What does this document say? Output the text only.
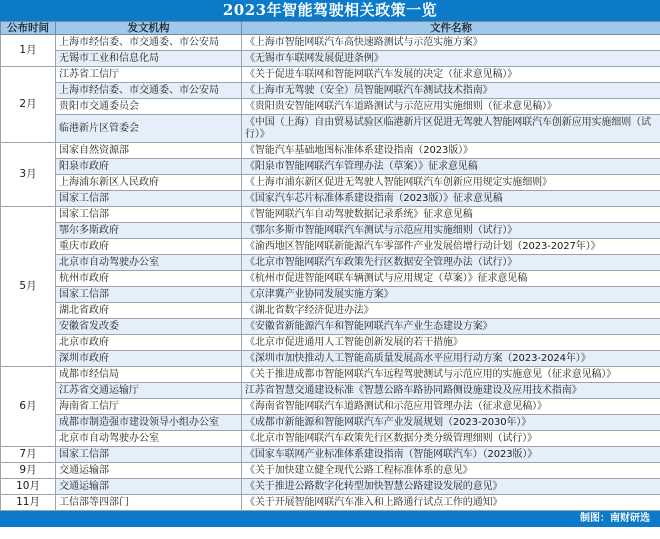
2023年智能驾驶相关政策一览
公布时间	发文机构	文件名称
1月	上海市经信委、市交通委、市公安局	《上海市智能网联汽车高快速路测试与示范实施方案》
	无锡市工业和信息化局	《无锡市车联网发展促进条例》
2月	江苏省工信厅	《关于促进车联网和智能网联汽车发展的决定（征求意见稿）》
	上海市经信委、市交通委、市公安局	《上海市无驾驶（安全）员智能网联汽车测试技术指南》
	贵阳市交通委员会	《贵阳贵安智能网联汽车道路测试与示范应用实施细则（征求意见稿）》
	临港新片区管委会	《中国（上海）自由贸易试验区临港新片区促进无驾驶人智能网联汽车创新应用实施细则（试行）》
3月	国家自然资源部	《智能汽车基础地图标准体系建设指南（2023版）》
	阳泉市政府	《阳泉市智能网联汽车管理办法（草案）》征求意见稿
	上海浦东新区人民政府	《上海市浦东新区促进无驾驶人智能网联汽车创新应用规定实施细则》
	国家工信部	《国家汽车芯片标准体系建设指南（2023版）》征求意见稿
5月	国家工信部	《智能网联汽车自动驾驶数据记录系统》征求意见稿
	鄂尔多斯政府	《鄂尔多斯市智能网联汽车测试与示范应用实施细则（试行）》
	重庆市政府	《渝西地区智能网联新能源汽车零部件产业发展倍增行动计划（2023-2027年）》
	北京市自动驾驶办公室	《北京市智能网联汽车政策先行区数据安全管理办法（试行）》
	杭州市政府	《杭州市促进智能网联车辆测试与应用规定（草案）》征求意见稿
	国家工信部	《京津冀产业协同发展实施方案》
	湖北省政府	《湖北省数字经济促进办法》
	安徽省发改委	《安徽省新能源汽车和智能网联汽车产业生态建设方案》
	北京市政府	《北京市促进通用人工智能创新发展的若干措施》
	深圳市政府	《深圳市加快推动人工智能高质量发展高水平应用行动方案（2023-2024年）》
6月	成都市经信局	《关于推进成都市智能网联汽车远程驾驶测试与示范应用的实施意见（征求意见稿）》
	江苏省交通运输厅	江苏省智慧交通建设标准《智慧公路车路协同路侧设施建设及应用技术指南》
	海南省工信厅	《海南省智能网联汽车道路测试和示范应用管理办法（征求意见稿）》
	成都市制造强市建设领导小组办公室	《成都市新能源和智能网联汽车产业发展规划（2023-2030年）》
	北京市自动驾驶办公室	《北京市智能网联汽车政策先行区数据分类分级管理细则（试行）》
7月	国家工信部	《国家车联网产业标准体系建设指南（智能网联汽车）（2023版）》
9月	交通运输部	《关于加快建立健全现代公路工程标准体系的意见》
10月	交通运输部	《关于推进公路数字化转型加快智慧公路建设发展的意见》
11月	工信部等四部门	《关于开展智能网联汽车准入和上路通行试点工作的通知》
制图：南财研选
